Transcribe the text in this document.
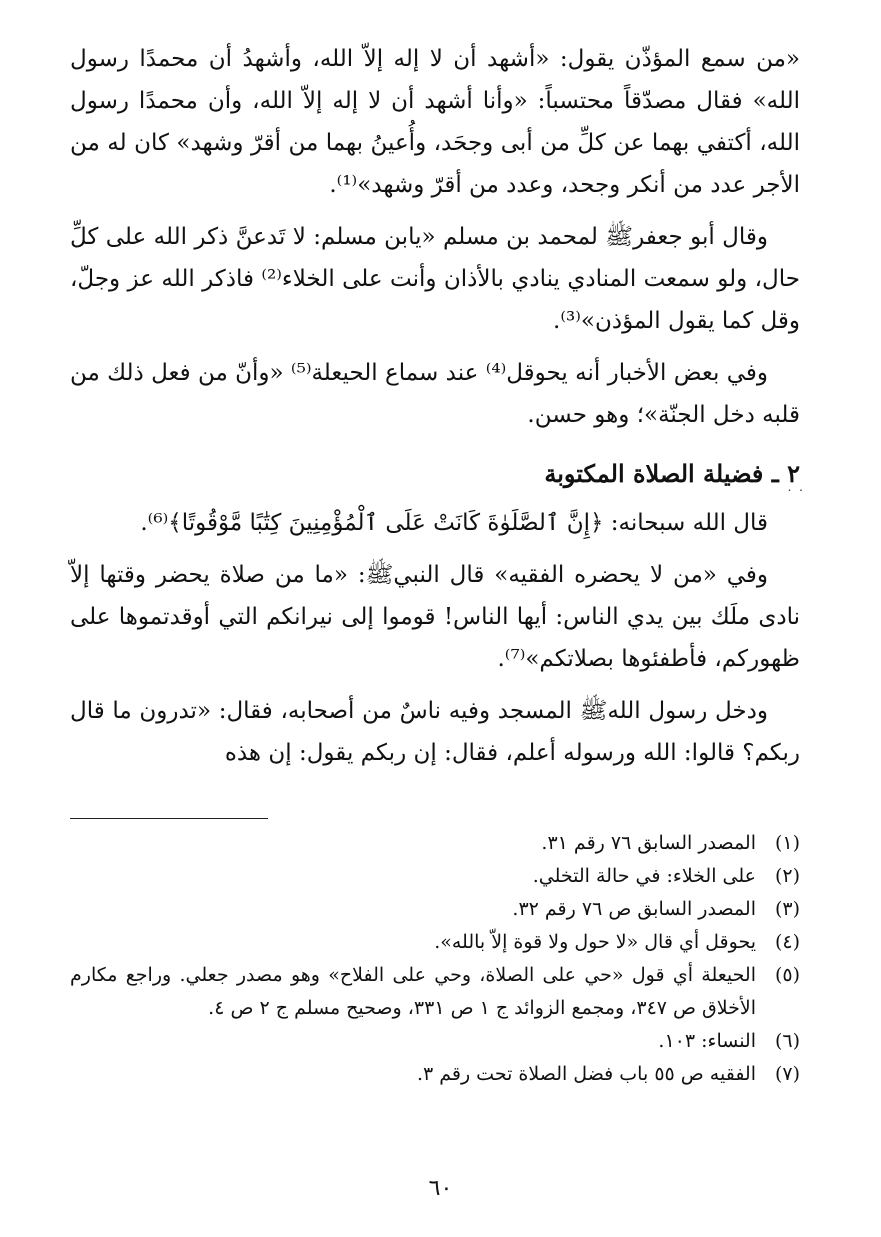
«من سمع المؤذّن يقول: «أشهد أن لا إله إلاّ الله، وأشهدُ أن محمدًا رسول الله» فقال مصدّقاً محتسباً: «وأنا أشهد أن لا إله إلاّ الله، وأن محمدًا رسول الله، أكتفي بهما عن كلِّ من أبى وجحَد، وأُعينُ بهما من أقرّ وشهد» كان له من الأجر عدد من أنكر وجحد، وعدد من أقرّ وشهد»⁽¹⁾.

وقال أبو جعفر‌ﷺ لمحمد بن مسلم «يابن مسلم: لا تَدعنَّ ذكر الله على كلِّ حال، ولو سمعت المنادي ينادي بالأذان وأنت على الخلاء⁽²⁾ فاذكر الله عز وجلّ، وقل كما يقول المؤذن»⁽³⁾.

وفي بعض الأخبار أنه يحوقل⁽⁴⁾ عند سماع الحيعلة⁽⁵⁾ «وأنّ من فعل ذلك من قلبه دخل الجنّة»؛ وهو حسن.

٢ ـ فضيلة الصلاة المكتوبة

قال الله سبحانه: ﴿إِنَّ ٱلصَّلَوٰةَ كَانَتْ عَلَى ٱلْمُؤْمِنِينَ كِتَٰبًا مَّوْقُوتًا﴾⁽⁶⁾.

وفي «من لا يحضره الفقيه» قال النبي‌ﷺ: «ما من صلاة يحضر وقتها إلاّ نادى ملَك بين يدي الناس: أيها الناس! قوموا إلى نيرانكم التي أوقدتموها على ظهوركم، فأطفئوها بصلاتكم»⁽⁷⁾.

ودخل رسول الله‌ﷺ المسجد وفيه ناسٌ من أصحابه، فقال: «تدرون ما قال ربكم؟ قالوا: الله ورسوله أعلم، فقال: إن ربكم يقول: إن هذه

(١)
المصدر السابق ٧٦ رقم ٣١.
(٢)
على الخلاء: في حالة التخلي.
(٣)
المصدر السابق ص ٧٦ رقم ٣٢.
(٤)
يحوقل أي قال «لا حول ولا قوة إلاّ بالله».
(٥)
الحيعلة أي قول «حي على الصلاة، وحي على الفلاح» وهو مصدر جعلي. وراجع مكارم الأخلاق ص ٣٤٧، ومجمع الزوائد ج ١ ص ٣٣١، وصحيح مسلم ج ٢ ص ٤.
(٦)
النساء: ١٠٣.
(٧)
الفقيه ص ٥٥ باب فضل الصلاة تحت رقم ٣.
˙ ˙
٦٠
